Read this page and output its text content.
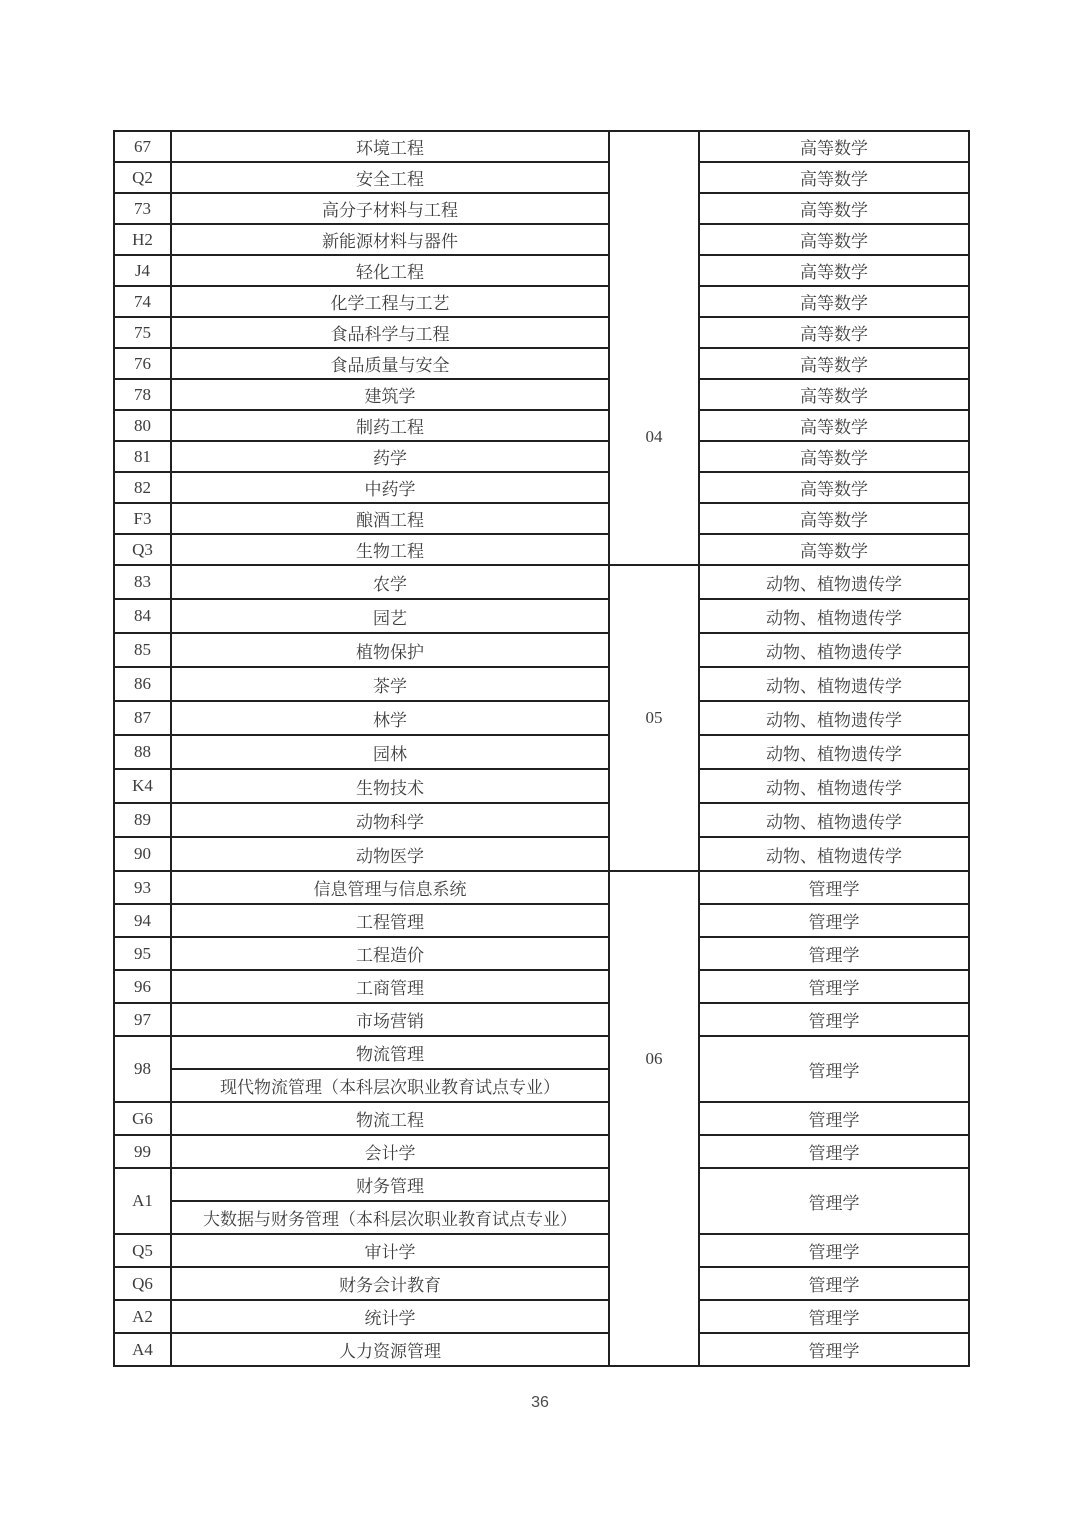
67	环境工程	04	高等数学
Q2	安全工程		高等数学
73	高分子材料与工程		高等数学
H2	新能源材料与器件		高等数学
J4	轻化工程		高等数学
74	化学工程与工艺		高等数学
75	食品科学与工程		高等数学
76	食品质量与安全		高等数学
78	建筑学		高等数学
80	制药工程		高等数学
81	药学		高等数学
82	中药学		高等数学
F3	酿酒工程		高等数学
Q3	生物工程		高等数学
83	农学	05	动物、植物遗传学
84	园艺		动物、植物遗传学
85	植物保护		动物、植物遗传学
86	茶学		动物、植物遗传学
87	林学		动物、植物遗传学
88	园林		动物、植物遗传学
K4	生物技术		动物、植物遗传学
89	动物科学		动物、植物遗传学
90	动物医学		动物、植物遗传学
93	信息管理与信息系统	06	管理学
94	工程管理		管理学
95	工程造价		管理学
96	工商管理		管理学
97	市场营销		管理学
98	物流管理		管理学
	现代物流管理（本科层次职业教育试点专业）		
G6	物流工程		管理学
99	会计学		管理学
A1	财务管理		管理学
	大数据与财务管理（本科层次职业教育试点专业）		
Q5	审计学		管理学
Q6	财务会计教育		管理学
A2	统计学		管理学
A4	人力资源管理		管理学
36
